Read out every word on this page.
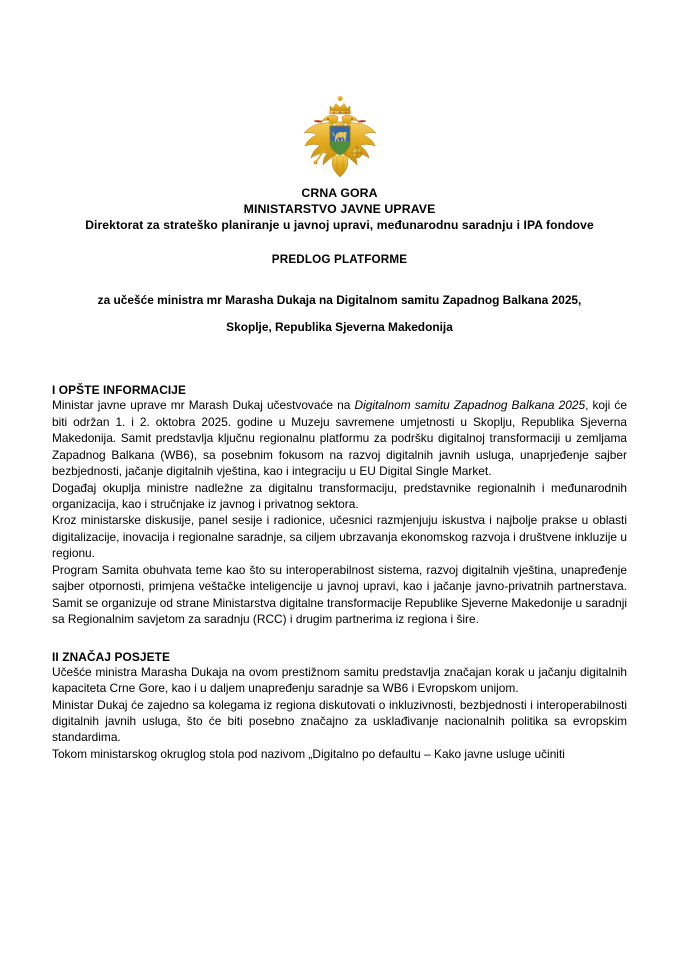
CRNA GORA
MINISTARSTVO JAVNE UPRAVE
Direktorat za strateško planiranje u javnoj upravi, međunarodnu saradnju i IPA fondove
PREDLOG PLATFORME
za učešće ministra mr Marasha Dukaja na Digitalnom samitu Zapadnog Balkana 2025,
Skoplje, Republika Sjeverna Makedonija
I OPŠTE INFORMACIJE

Ministar javne uprave mr Marash Dukaj učestvovaće na Digitalnom samitu Zapadnog Balkana 2025, koji će biti održan 1. i 2. oktobra 2025. godine u Muzeju savremene umjetnosti u Skoplju, Republika Sjeverna Makedonija. Samit predstavlja ključnu regionalnu platformu za podršku digitalnoj transformaciji u zemljama Zapadnog Balkana (WB6), sa posebnim fokusom na razvoj digitalnih javnih usluga, unaprjeđenje sajber bezbjednosti, jačanje digitalnih vještina, kao i integraciju u EU Digital Single Market.

Događaj okuplja ministre nadležne za digitalnu transformaciju, predstavnike regionalnih i međunarodnih organizacija, kao i stručnjake iz javnog i privatnog sektora.

Kroz ministarske diskusije, panel sesije i radionice, učesnici razmjenjuju iskustva i najbolje prakse u oblasti digitalizacije, inovacija i regionalne saradnje, sa ciljem ubrzavanja ekonomskog razvoja i društvene inkluzije u regionu.

Program Samita obuhvata teme kao što su interoperabilnost sistema, razvoj digitalnih vještina, unapređenje sajber otpornosti, primjena veštačke inteligencije u javnoj upravi, kao i jačanje javno-privatnih partnerstava. Samit se organizuje od strane Ministarstva digitalne transformacije Republike Sjeverne Makedonije u saradnji sa Regionalnim savjetom za saradnju (RCC) i drugim partnerima iz regiona i šire.

II ZNAČAJ POSJETE

Učešće ministra Marasha Dukaja na ovom prestižnom samitu predstavlja značajan korak u jačanju digitalnih kapaciteta Crne Gore, kao i u daljem unapređenju saradnje sa WB6 i Evropskom unijom.

Ministar Dukaj će zajedno sa kolegama iz regiona diskutovati o inkluzivnosti, bezbjednosti i interoperabilnosti digitalnih javnih usluga, što će biti posebno značajno za usklađivanje nacionalnih politika sa evropskim standardima.

Tokom ministarskog okruglog stola pod nazivom „Digitalno po defaultu – Kako javne usluge učiniti
